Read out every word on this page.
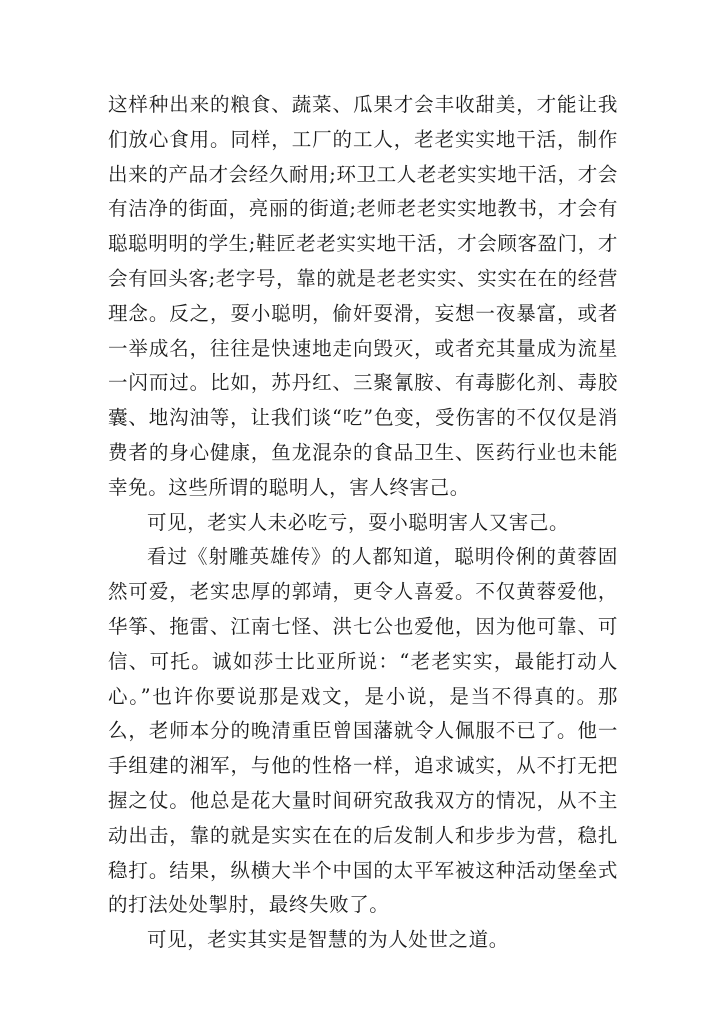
这样种出来的粮食、蔬菜、瓜果才会丰收甜美，才能让我们放心食用。同样，工厂的工人，老老实实地干活，制作出来的产品才会经久耐用;环卫工人老老实实地干活，才会有洁净的街面，亮丽的街道;老师老老实实地教书，才会有聪聪明明的学生;鞋匠老老实实地干活，才会顾客盈门，才会有回头客;老字号，靠的就是老老实实、实实在在的经营理念。反之，耍小聪明，偷奸耍滑，妄想一夜暴富，或者一举成名，往往是快速地走向毁灭，或者充其量成为流星一闪而过。比如，苏丹红、三聚氰胺、有毒膨化剂、毒胶囊、地沟油等，让我们谈“吃”色变，受伤害的不仅仅是消费者的身心健康，鱼龙混杂的食品卫生、医药行业也未能幸免。这些所谓的聪明人，害人终害己。

可见，老实人未必吃亏，耍小聪明害人又害己。

看过《射雕英雄传》的人都知道，聪明伶俐的黄蓉固然可爱，老实忠厚的郭靖，更令人喜爱。不仅黄蓉爱他，华筝、拖雷、江南七怪、洪七公也爱他，因为他可靠、可信、可托。诚如莎士比亚所说：“老老实实，最能打动人心。”也许你要说那是戏文，是小说，是当不得真的。那么，老师本分的晚清重臣曾国藩就令人佩服不已了。他一手组建的湘军，与他的性格一样，追求诚实，从不打无把握之仗。他总是花大量时间研究敌我双方的情况，从不主动出击，靠的就是实实在在的后发制人和步步为营，稳扎稳打。结果，纵横大半个中国的太平军被这种活动堡垒式的打法处处掣肘，最终失败了。

可见，老实其实是智慧的为人处世之道。
